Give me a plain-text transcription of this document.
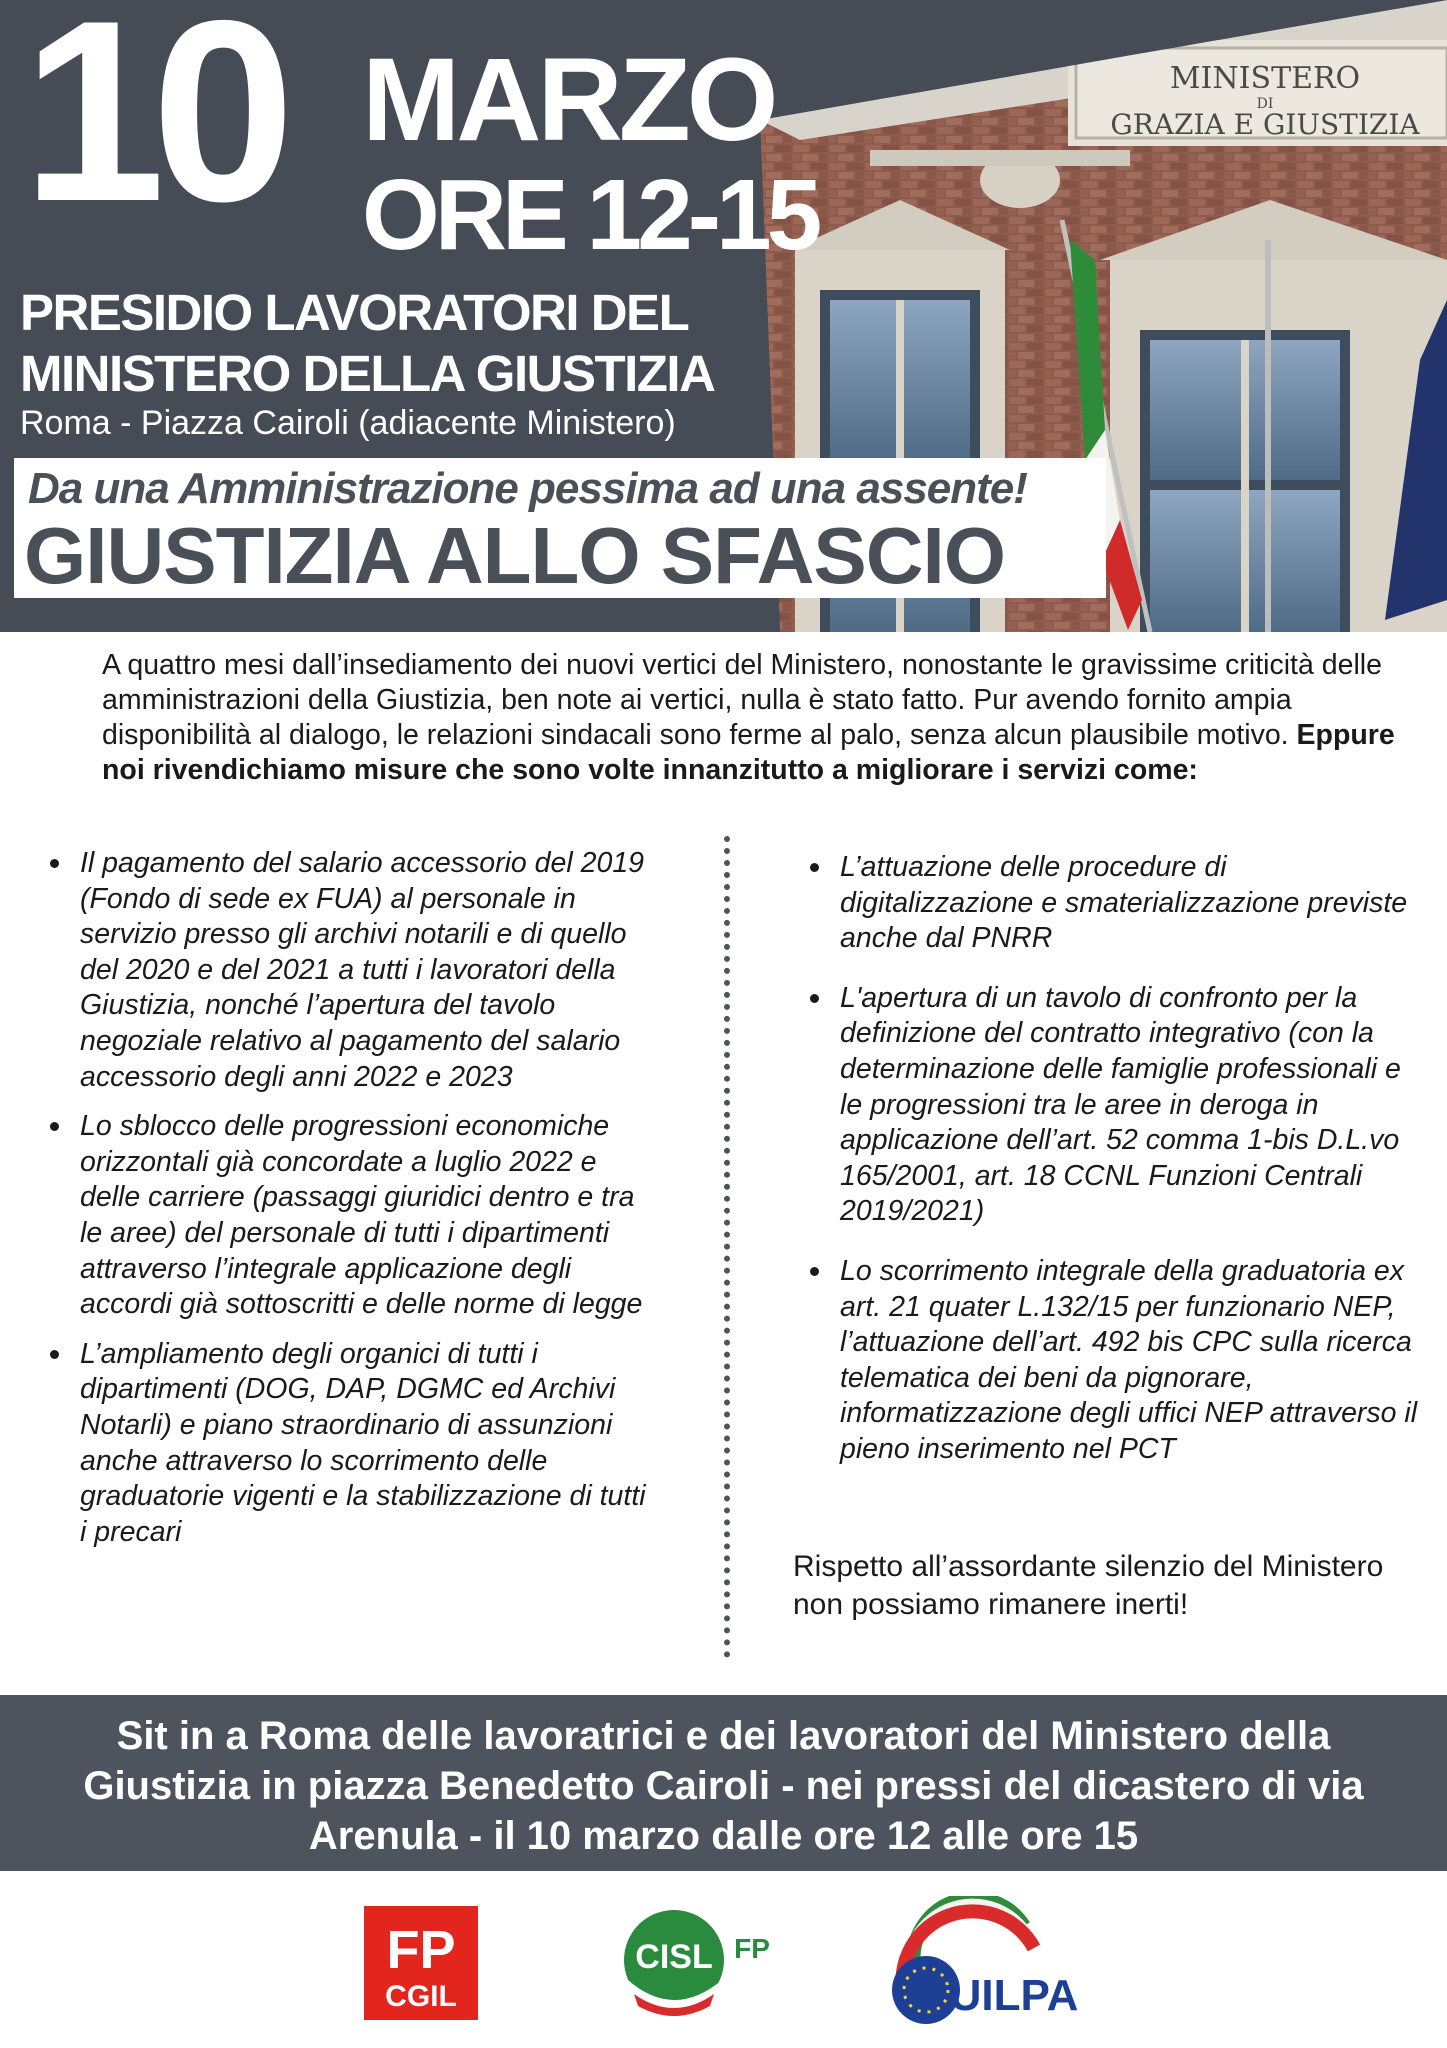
MINISTERO
DI
GRAZIA E GIUSTIZIA
10 MARZO
ORE 12-15
PRESIDIO LAVORATORI DEL
MINISTERO DELLA GIUSTIZIA
Roma - Piazza Cairoli (adiacente Ministero)
Da una Amministrazione pessima ad una assente!
GIUSTIZIA ALLO SFASCIO

A quattro mesi dall’insediamento dei nuovi vertici del Ministero, nonostante le gravissime criticità delle amministrazioni della Giustizia, ben note ai vertici, nulla è stato fatto. Pur avendo fornito ampia disponibilità al dialogo, le relazioni sindacali sono ferme al palo, senza alcun plausibile motivo. Eppure noi rivendichiamo misure che sono volte innanzitutto a migliorare i servizi come:

Il pagamento del salario accessorio del 2019 (Fondo di sede ex FUA) al personale in servizio presso gli archivi notarili e di quello del 2020 e del 2021 a tutti i lavoratori della Giustizia, nonché l’apertura del tavolo negoziale relativo al pagamento del salario accessorio degli anni 2022 e 2023
Lo sblocco delle progressioni economiche orizzontali già concordate a luglio 2022 e delle carriere (passaggi giuridici dentro e tra le aree) del personale di tutti i dipartimenti attraverso l’integrale applicazione degli accordi già sottoscritti e delle norme di legge
L’ampliamento degli organici di tutti i dipartimenti (DOG, DAP, DGMC ed Archivi Notarli) e piano straordinario di assunzioni anche attraverso lo scorrimento delle graduatorie vigenti e la stabilizzazione di tutti i precari
L’attuazione delle procedure di digitalizzazione e smaterializzazione previste anche dal PNRR
L'apertura di un tavolo di confronto per la definizione del contratto integrativo (con la determinazione delle famiglie professionali e le progressioni tra le aree in deroga in applicazione dell’art. 52 comma 1-bis D.L.vo 165/2001, art. 18 CCNL Funzioni Centrali 2019/2021)
Lo scorrimento integrale della graduatoria ex art. 21 quater L.132/15 per funzionario NEP, l’attuazione dell’art. 492 bis CPC sulla ricerca telematica dei beni da pignorare, informatizzazione degli uffici NEP attraverso il pieno inserimento nel PCT

Rispetto all’assordante silenzio del Ministero non possiamo rimanere inerti!

Sit in a Roma delle lavoratrici e dei lavoratori del Ministero della Giustizia in piazza Benedetto Cairoli - nei pressi del dicastero di via Arenula - il 10 marzo dalle ore 12 alle ore 15
FP
CGIL
CISL FP
UILPA
